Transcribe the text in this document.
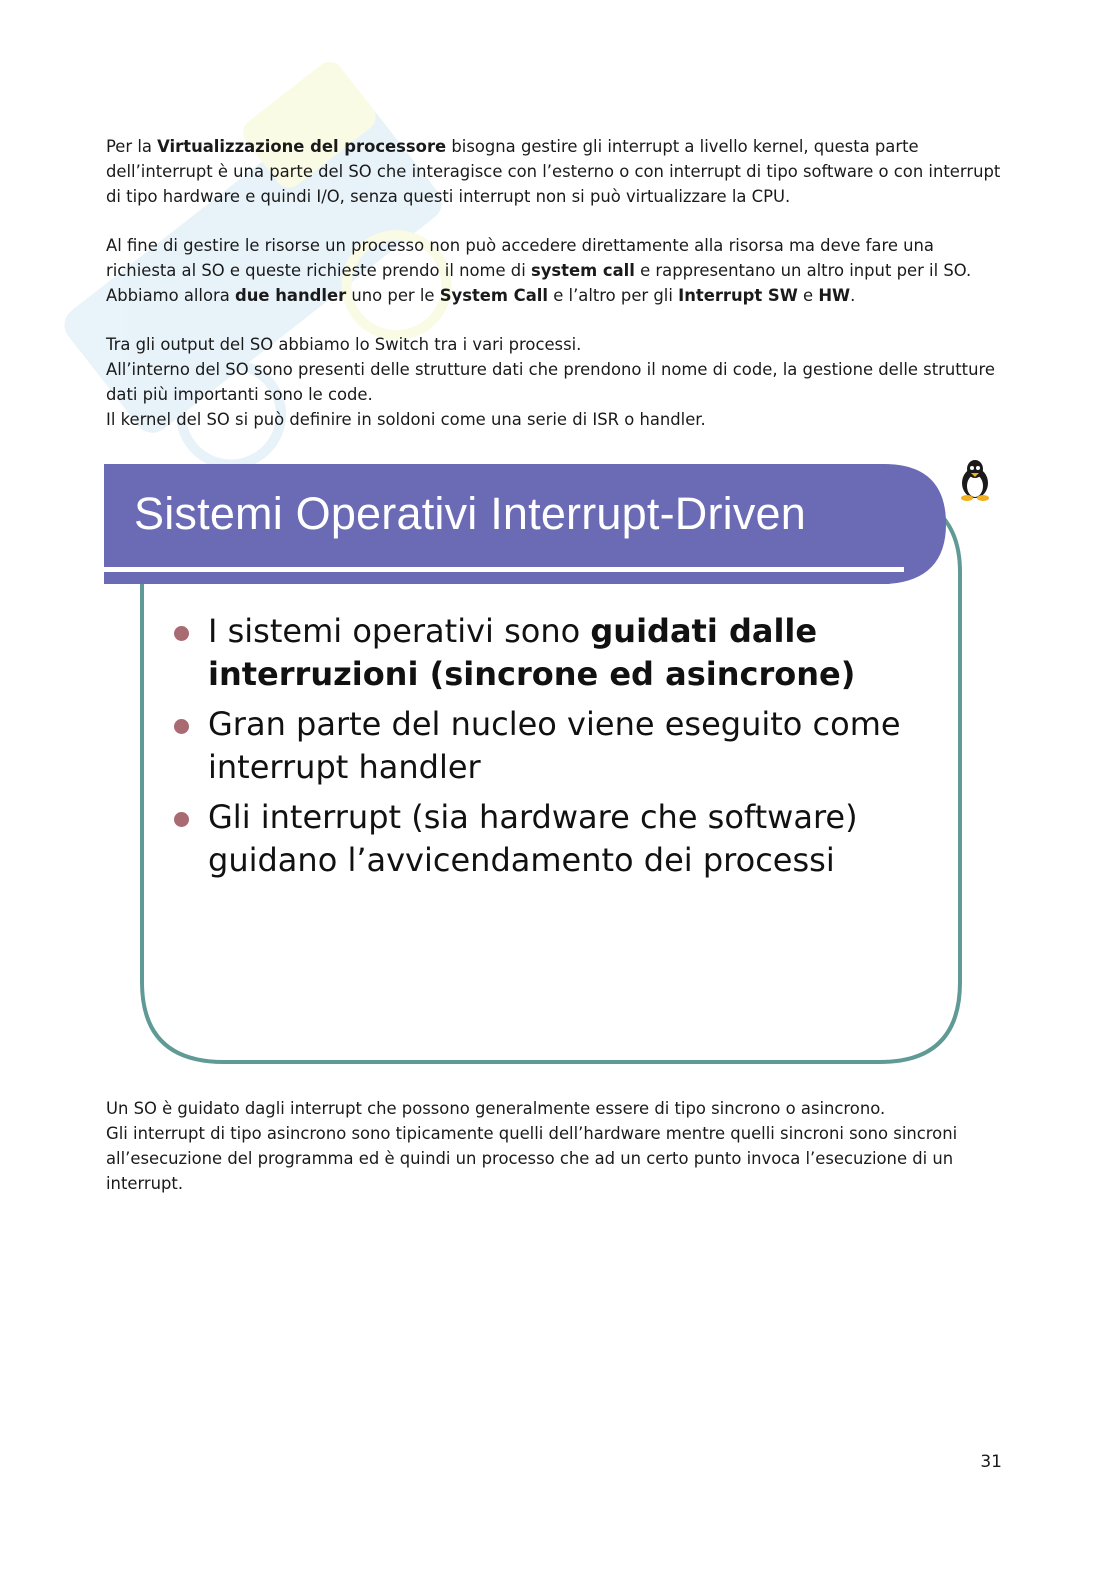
Per la Virtualizzazione del processore bisogna gestire gli interrupt a livello kernel, questa parte dell’interrupt è una parte del SO che interagisce con l’esterno o con interrupt di tipo software o con interrupt di tipo hardware e quindi I/O, senza questi interrupt non si può virtualizzare la CPU.

Al fine di gestire le risorse un processo non può accedere direttamente alla risorsa ma deve fare una richiesta al SO e queste richieste prendo il nome di system call e rappresentano un altro input per il SO.

Abbiamo allora due handler uno per le System Call e l’altro per gli Interrupt SW e HW.

Tra gli output del SO abbiamo lo Switch tra i vari processi.

All’interno del SO sono presenti delle strutture dati che prendono il nome di code, la gestione delle strutture dati più importanti sono le code.

Il kernel del SO si può definire in soldoni come una serie di ISR o handler.

Sistemi Operativi Interrupt-Driven
I sistemi operativi sono guidati dalle interruzioni (sincrone ed asincrone)
Gran parte del nucleo viene eseguito come interrupt handler
Gli interrupt (sia hardware che software) guidano l’avvicendamento dei processi

Un SO è guidato dagli interrupt che possono generalmente essere di tipo sincrono o asincrono.

Gli interrupt di tipo asincrono sono tipicamente quelli dell’hardware mentre quelli sincroni sono sincroni all’esecuzione del programma ed è quindi un processo che ad un certo punto invoca l’esecuzione di un interrupt.

31
